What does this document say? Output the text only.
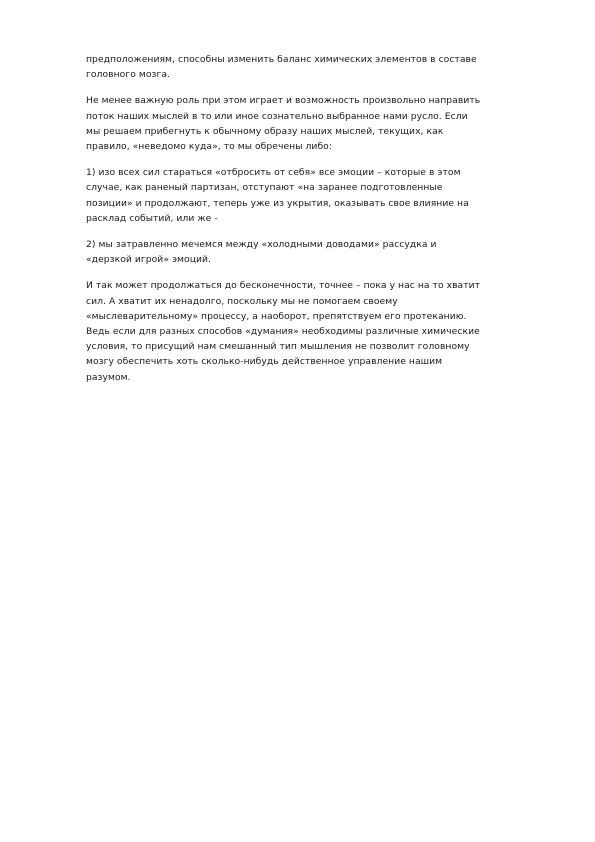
предположениям, способны изменить баланс химических элементов в составе
головного мозга.

Не менее важную роль при этом играет и возможность произвольно направить
поток наших мыслей в то или иное сознательно выбранное нами русло. Если
мы решаем прибегнуть к обычному образу наших мыслей, текущих, как
правило, «неведомо куда», то мы обречены либо:

1) изо всех сил стараться «отбросить от себя» все эмоции – которые в этом
случае, как раненый партизан, отступают «на заранее подготовленные
позиции» и продолжают, теперь уже из укрытия, оказывать свое влияние на
расклад событий, или же -

2) мы затравленно мечемся между «холодными доводами» рассудка и
«дерзкой игрой» эмоций.

И так может продолжаться до бесконечности, точнее – пока у нас на то хватит
сил. А хватит их ненадолго, поскольку мы не помогаем своему
«мыслеварительному» процессу, а наоборот, препятствуем его протеканию.
Ведь если для разных способов «думания» необходимы различные химические
условия, то присущий нам смешанный тип мышления не позволит головному
мозгу обеспечить хоть сколько-нибудь действенное управление нашим
разумом.
